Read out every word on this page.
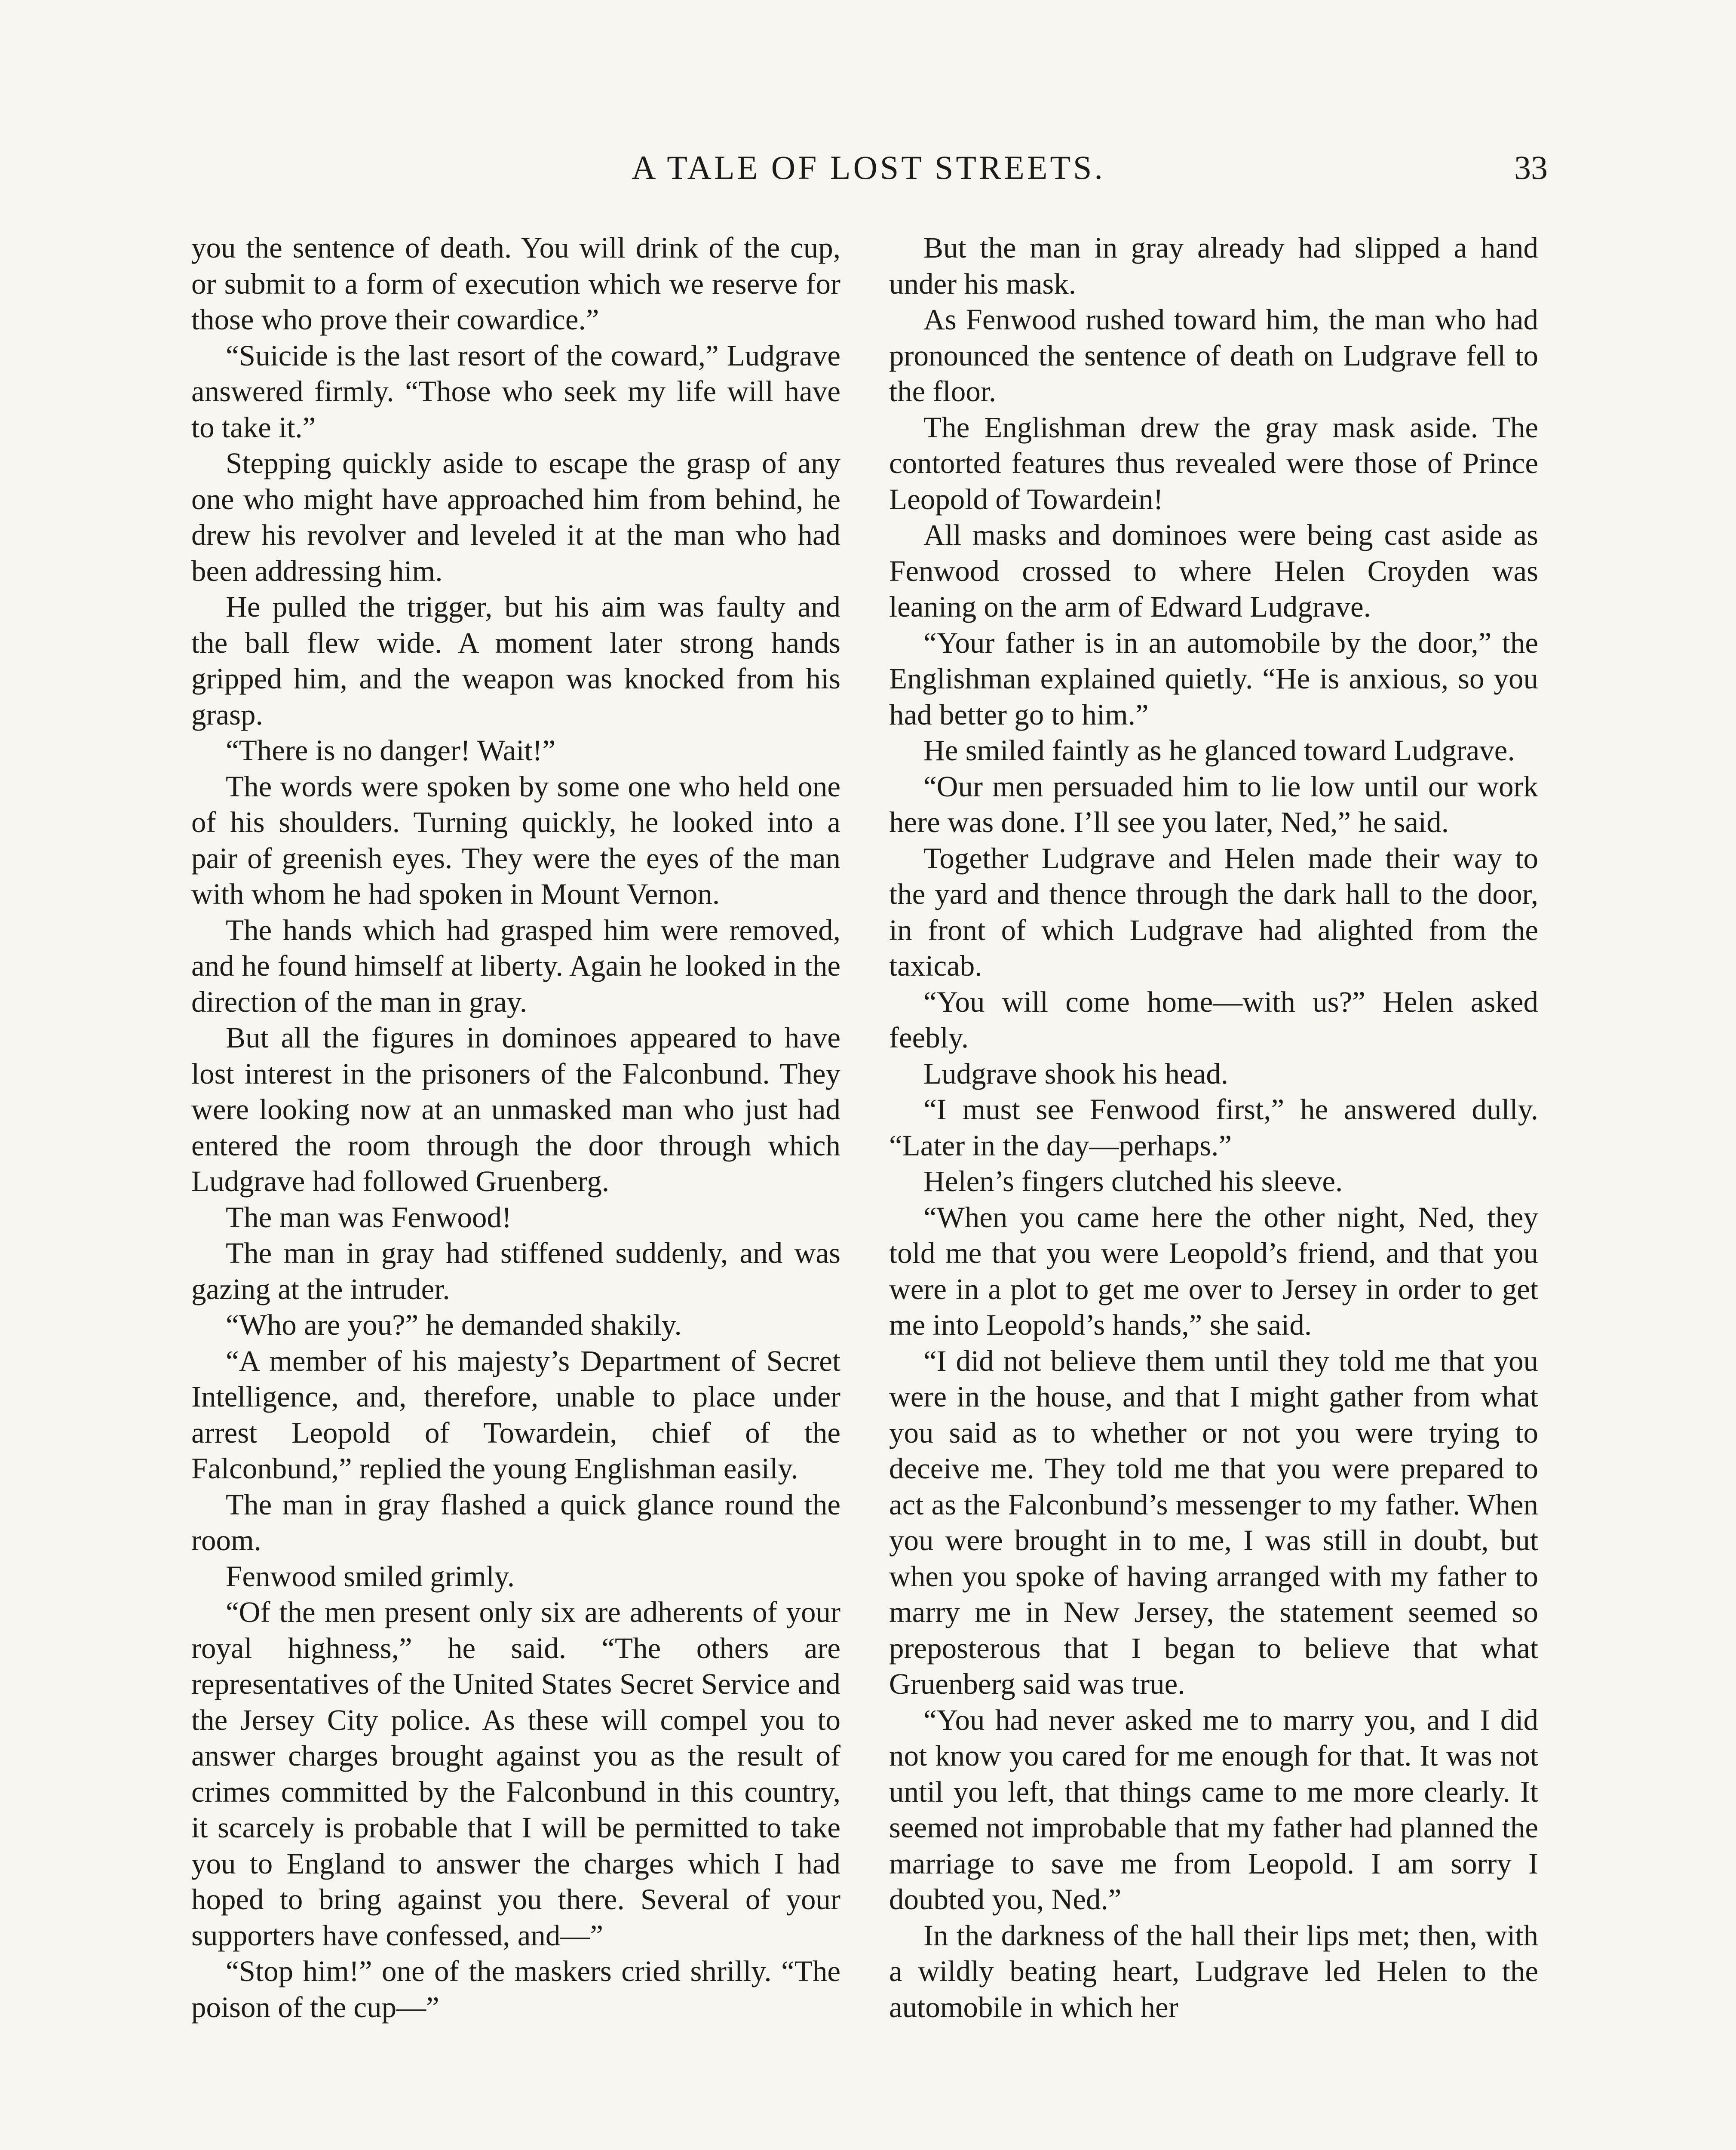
A TALE OF LOST STREETS.	33

you the sentence of death. You will drink of the cup, or submit to a form of execution which we reserve for those who prove their cowardice.”

“Suicide is the last resort of the coward,” Ludgrave answered firmly. “Those who seek my life will have to take it.”

Stepping quickly aside to escape the grasp of any one who might have approached him from behind, he drew his revolver and leveled it at the man who had been addressing him.

He pulled the trigger, but his aim was faulty and the ball flew wide. A moment later strong hands gripped him, and the weapon was knocked from his grasp.

“There is no danger! Wait!”

The words were spoken by some one who held one of his shoulders. Turning quickly, he looked into a pair of greenish eyes. They were the eyes of the man with whom he had spoken in Mount Vernon.

The hands which had grasped him were removed, and he found himself at liberty. Again he looked in the direction of the man in gray.

But all the figures in dominoes appeared to have lost interest in the prisoners of the Falconbund. They were looking now at an unmasked man who just had entered the room through the door through which Ludgrave had followed Gruenberg.

The man was Fenwood!

The man in gray had stiffened suddenly, and was gazing at the intruder.

“Who are you?” he demanded shakily.

“A member of his majesty’s Department of Secret Intelligence, and, therefore, unable to place under arrest Leopold of Towardein, chief of the Falconbund,” replied the young Englishman easily.

The man in gray flashed a quick glance round the room.

Fenwood smiled grimly.

“Of the men present only six are adherents of your royal highness,” he said. “The others are representatives of the United States Secret Service and the Jersey City police. As these will compel you to answer charges brought against you as the result of crimes committed by the Falconbund in this country, it scarcely is probable that I will be permitted to take you to England to answer the charges which I had hoped to bring against you there. Several of your supporters have confessed, and—”

“Stop him!” one of the maskers cried shrilly. “The poison of the cup—”

But the man in gray already had slipped a hand under his mask.

As Fenwood rushed toward him, the man who had pronounced the sentence of death on Ludgrave fell to the floor.

The Englishman drew the gray mask aside. The contorted features thus revealed were those of Prince Leopold of Towardein!

All masks and dominoes were being cast aside as Fenwood crossed to where Helen Croyden was leaning on the arm of Edward Ludgrave.

“Your father is in an automobile by the door,” the Englishman explained quietly. “He is anxious, so you had better go to him.”

He smiled faintly as he glanced toward Ludgrave.

“Our men persuaded him to lie low until our work here was done. I’ll see you later, Ned,” he said.

Together Ludgrave and Helen made their way to the yard and thence through the dark hall to the door, in front of which Ludgrave had alighted from the taxicab.

“You will come home—with us?” Helen asked feebly.

Ludgrave shook his head.

“I must see Fenwood first,” he answered dully. “Later in the day—perhaps.”

Helen’s fingers clutched his sleeve.

“When you came here the other night, Ned, they told me that you were Leopold’s friend, and that you were in a plot to get me over to Jersey in order to get me into Leopold’s hands,” she said.

“I did not believe them until they told me that you were in the house, and that I might gather from what you said as to whether or not you were trying to deceive me. They told me that you were prepared to act as the Falconbund’s messenger to my father. When you were brought in to me, I was still in doubt, but when you spoke of having arranged with my father to marry me in New Jersey, the statement seemed so preposterous that I began to believe that what Gruenberg said was true.

“You had never asked me to marry you, and I did not know you cared for me enough for that. It was not until you left, that things came to me more clearly. It seemed not improbable that my father had planned the marriage to save me from Leopold. I am sorry I doubted you, Ned.”

In the darkness of the hall their lips met; then, with a wildly beating heart, Ludgrave led Helen to the automobile in which her
